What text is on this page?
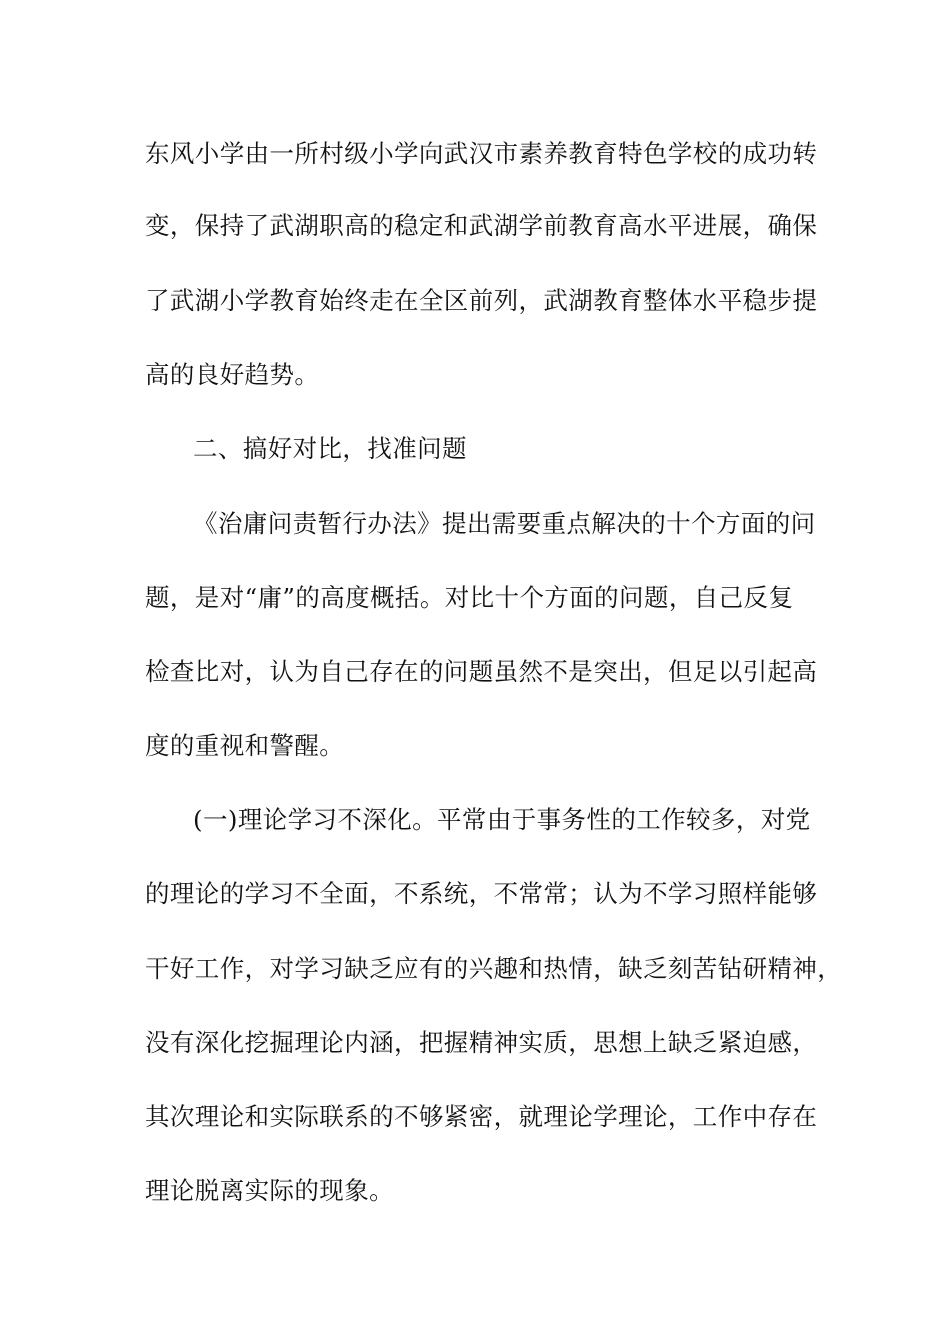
东风小学由一所村级小学向武汉市素养教育特色学校的成功转
变，保持了武湖职高的稳定和武湖学前教育高水平进展，确保
了武湖小学教育始终走在全区前列，武湖教育整体水平稳步提
高的良好趋势。
二、搞好对比，找准问题
《治庸问责暂行办法》提出需要重点解决的十个方面的问
题，是对“庸”的高度概括。对比十个方面的问题，自己反复
检查比对，认为自己存在的问题虽然不是突出，但足以引起高
度的重视和警醒。
(一)理论学习不深化。平常由于事务性的工作较多，对党
的理论的学习不全面，不系统，不常常；认为不学习照样能够
干好工作，对学习缺乏应有的兴趣和热情，缺乏刻苦钻研精神，
没有深化挖掘理论内涵，把握精神实质，思想上缺乏紧迫感，
其次理论和实际联系的不够紧密，就理论学理论，工作中存在
理论脱离实际的现象。
